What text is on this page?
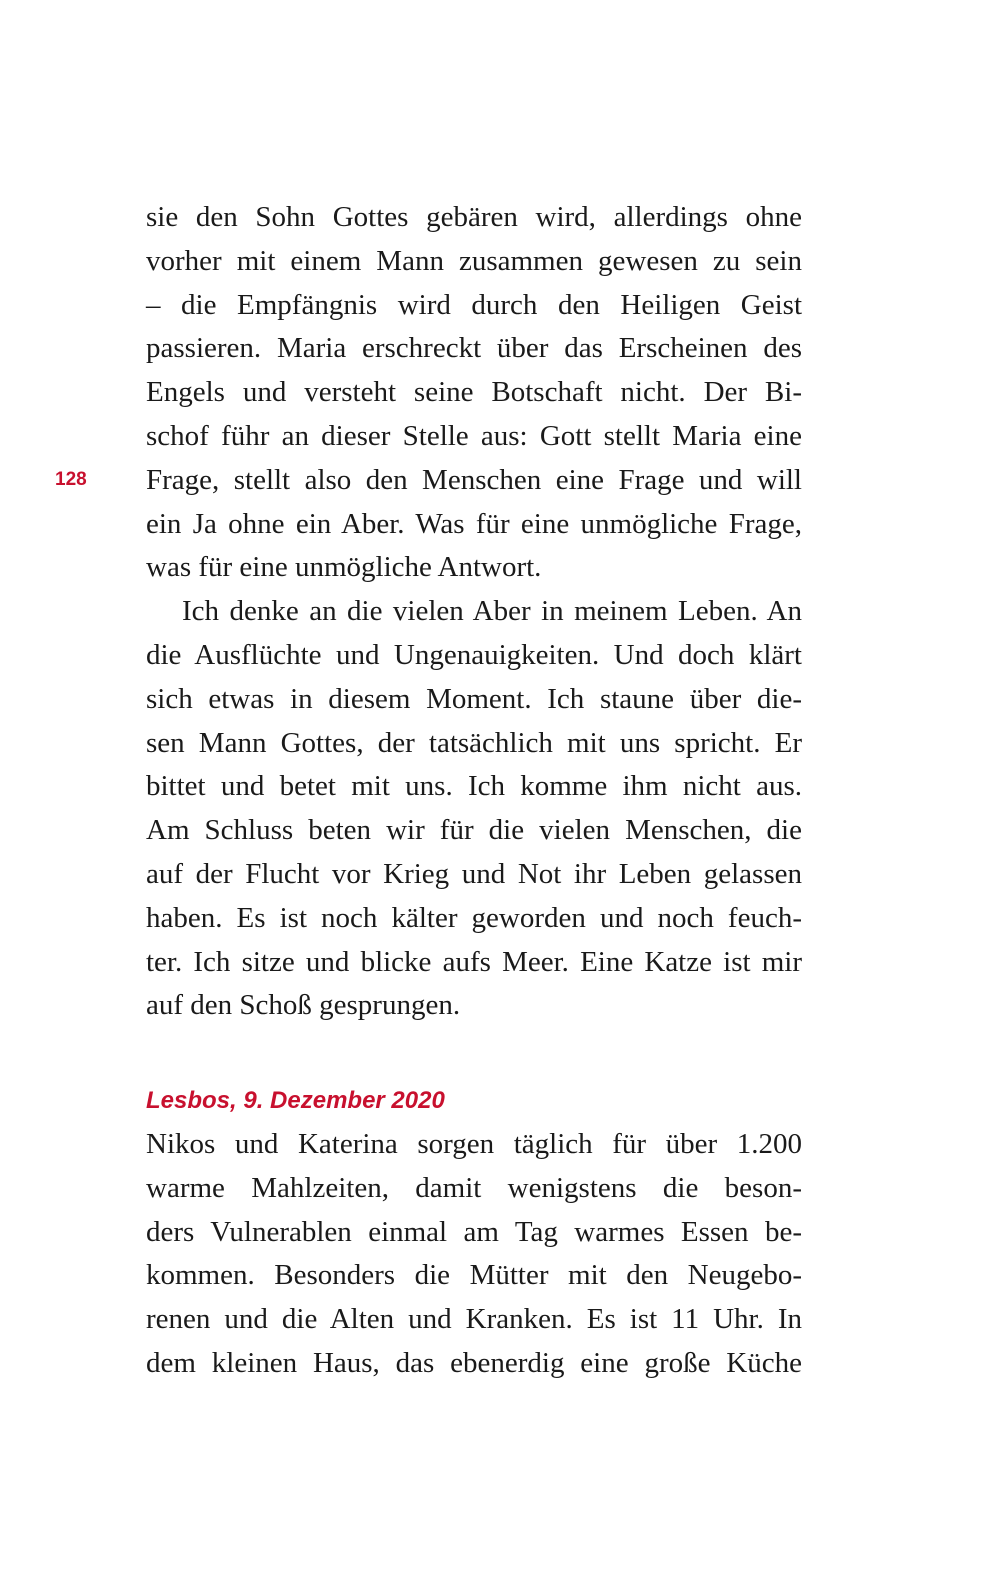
128
sie den Sohn Gottes gebären wird, allerdings ohne
vorher mit einem Mann zusammen gewesen zu sein
– die Empfängnis wird durch den Heiligen Geist
passieren. Maria erschreckt über das Erscheinen des
Engels und versteht seine Botschaft nicht. Der Bi-
schof führ an dieser Stelle aus: Gott stellt Maria eine
Frage, stellt also den Menschen eine Frage und will
ein Ja ohne ein Aber. Was für eine unmögliche Frage,
was für eine unmögliche Antwort.
Ich denke an die vielen Aber in meinem Leben. An
die Ausflüchte und Ungenauigkeiten. Und doch klärt
sich etwas in diesem Moment. Ich staune über die-
sen Mann Gottes, der tatsächlich mit uns spricht. Er
bittet und betet mit uns. Ich komme ihm nicht aus.
Am Schluss beten wir für die vielen Menschen, die
auf der Flucht vor Krieg und Not ihr Leben gelassen
haben. Es ist noch kälter geworden und noch feuch-
ter. Ich sitze und blicke aufs Meer. Eine Katze ist mir
auf den Schoß gesprungen.
Lesbos, 9. Dezember 2020
Nikos und Katerina sorgen täglich für über 1.200
warme Mahlzeiten, damit wenigstens die beson-
ders Vulnerablen einmal am Tag warmes Essen be-
kommen. Besonders die Mütter mit den Neugebo-
renen und die Alten und Kranken. Es ist 11 Uhr. In
dem kleinen Haus, das ebenerdig eine große Küche
